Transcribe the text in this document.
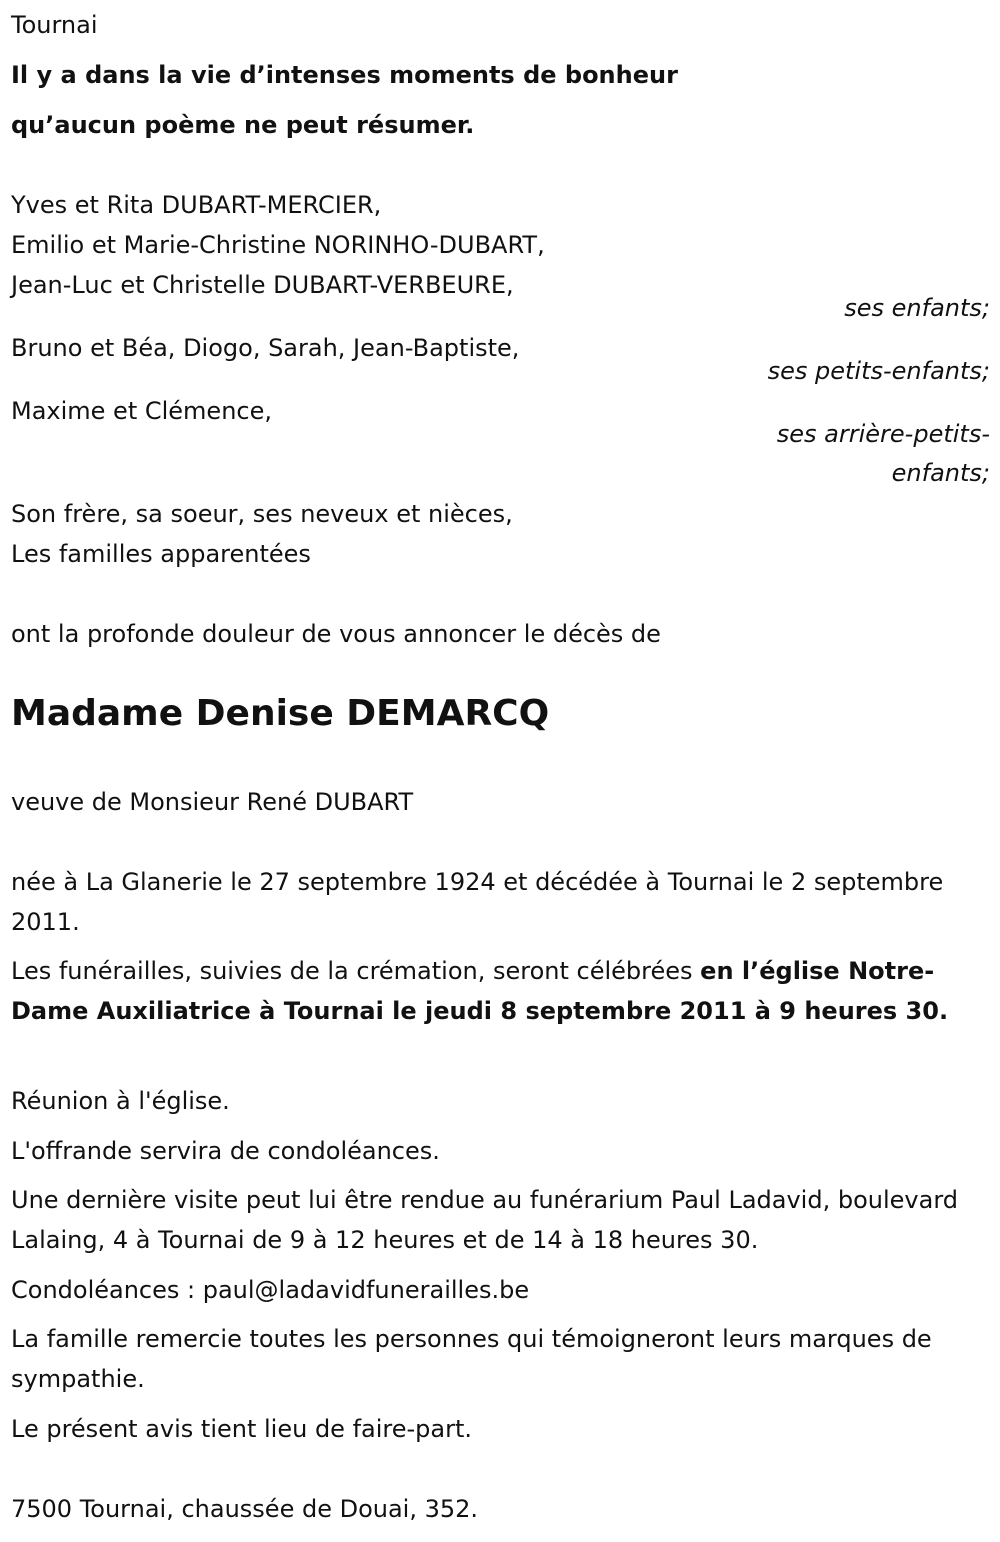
Tournai
Il y a dans la vie d’intenses moments de bonheur
qu’aucun poème ne peut résumer.
Yves et Rita DUBART-MERCIER,
Emilio et Marie-Christine NORINHO-DUBART,
Jean-Luc et Christelle DUBART-VERBEURE,
ses enfants;
Bruno et Béa, Diogo, Sarah, Jean-Baptiste,
ses petits-enfants;
Maxime et Clémence,
ses arrière-petits-
enfants;
Son frère, sa soeur, ses neveux et nièces,
Les familles apparentées
ont la profonde douleur de vous annoncer le décès de
Madame Denise DEMARCQ
veuve de Monsieur René DUBART
née à La Glanerie le 27 septembre 1924 et décédée à Tournai le 2 septembre 2011.
Les funérailles, suivies de la crémation, seront célébrées en l’église Notre-Dame Auxiliatrice à Tournai le jeudi 8 septembre 2011 à 9 heures 30.
Réunion à l'église.
L'offrande servira de condoléances.
Une dernière visite peut lui être rendue au funérarium Paul Ladavid, boulevard Lalaing, 4 à Tournai de 9 à 12 heures et de 14 à 18 heures 30.
Condoléances : paul@ladavidfunerailles.be
La famille remercie toutes les personnes qui témoigneront leurs marques de sympathie.
Le présent avis tient lieu de faire-part.
7500 Tournai, chaussée de Douai, 352.
